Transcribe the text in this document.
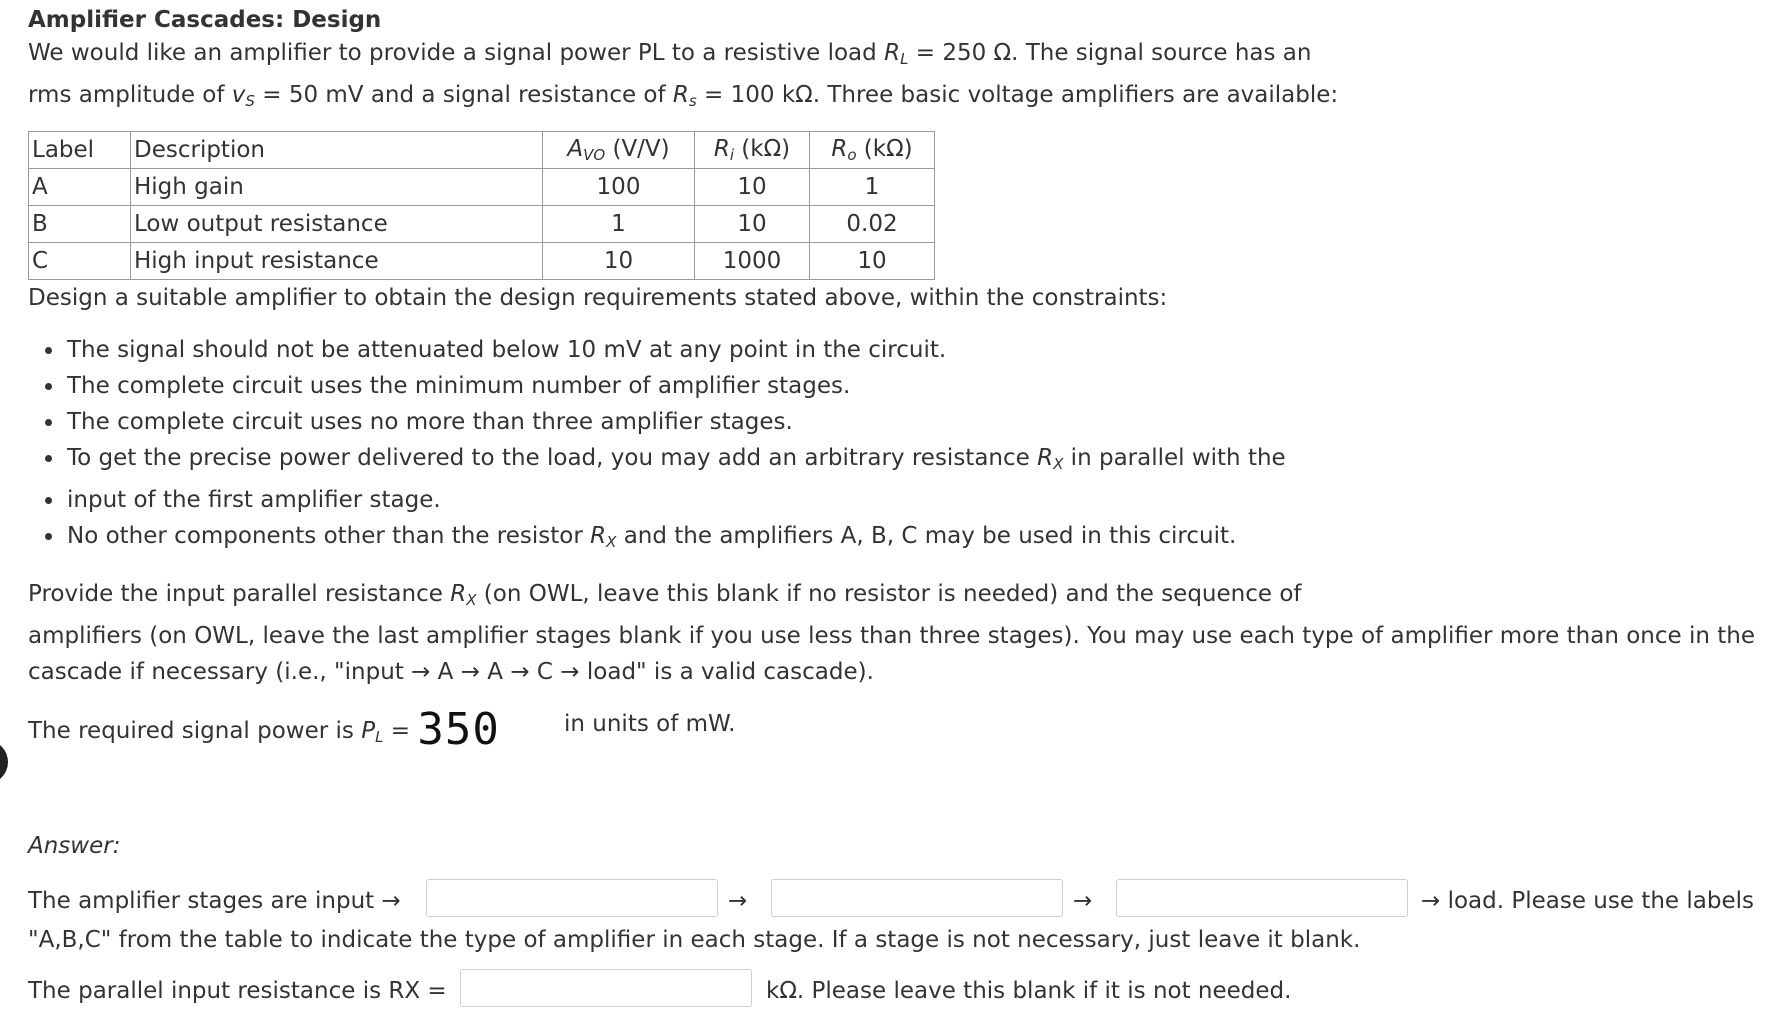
Amplifier Cascades: Design
We would like an amplifier to provide a signal power PL to a resistive load $R_L = 250$ Ω. The signal source has an
rms amplitude of $v_S = 50$ mV and a signal resistance of $R_s = 100$ kΩ. Three basic voltage amplifiers are available:
Label	Description	$A_{VO}$ (V/V)	$R_i$ (kΩ)	$R_o$ (kΩ)
A	High gain	100	10	1
B	Low output resistance	1	10	0.02
C	High input resistance	10	1000	10
Design a suitable amplifier to obtain the design requirements stated above, within the constraints:
• The signal should not be attenuated below 10 mV at any point in the circuit.
• The complete circuit uses the minimum number of amplifier stages.
• The complete circuit uses no more than three amplifier stages.
• To get the precise power delivered to the load, you may add an arbitrary resistance $R_X$ in parallel with the
• input of the first amplifier stage.
• No other components other than the resistor $R_X$ and the amplifiers A, B, C may be used in this circuit.
Provide the input parallel resistance $R_X$ (on OWL, leave this blank if no resistor is needed) and the sequence of
amplifiers (on OWL, leave the last amplifier stages blank if you use less than three stages). You may use each type of amplifier more than once in the
cascade if necessary (i.e., "input → A → A → C → load" is a valid cascade).
The required signal power is $P_L = 350$	in units of mW.
Answer:
The amplifier stages are input →	→	→	→ load. Please use the labels
"A,B,C" from the table to indicate the type of amplifier in each stage. If a stage is not necessary, just leave it blank.
The parallel input resistance is RX =	kΩ. Please leave this blank if it is not needed.
